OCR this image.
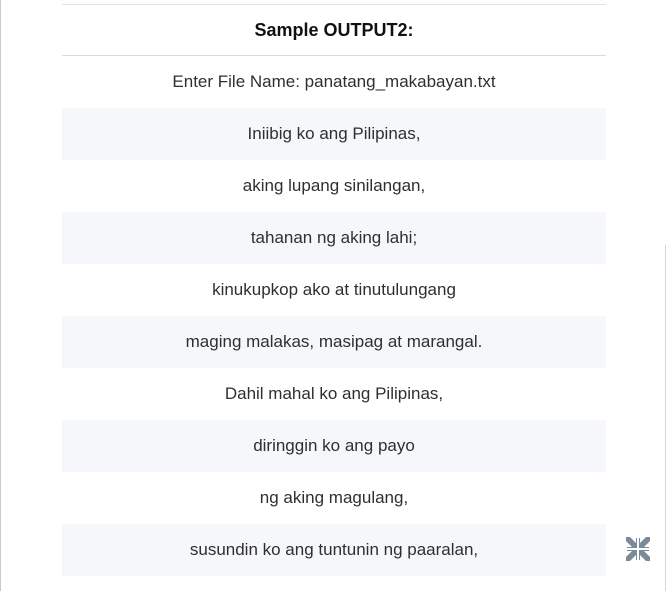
Sample OUTPUT2:
Enter File Name: panatang_makabayan.txt
Iniibig ko ang Pilipinas,
aking lupang sinilangan,
tahanan ng aking lahi;
kinukupkop ako at tinutulungang
maging malakas, masipag at marangal.
Dahil mahal ko ang Pilipinas,
diringgin ko ang payo
ng aking magulang,
susundin ko ang tuntunin ng paaralan,
